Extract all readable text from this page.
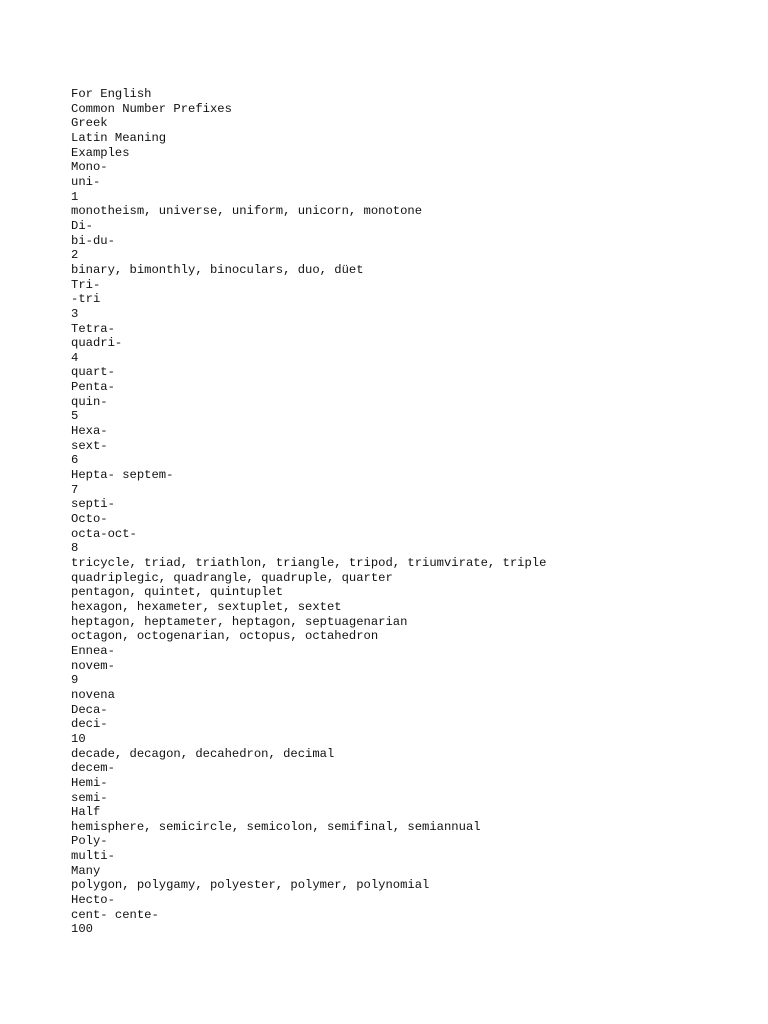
For English
Common Number Prefixes
Greek
Latin Meaning
Examples
Mono-
uni-
1
monotheism, universe, uniform, unicorn, monotone
Di-
bi-du-
2
binary, bimonthly, binoculars, duo, düet
Tri-
-tri
3
Tetra-
quadri-
4
quart-
Penta-
quin-
5
Hexa-
sext-
6
Hepta- septem-
7
septi-
Octo-
octa-oct-
8
tricycle, triad, triathlon, triangle, tripod, triumvirate, triple
quadriplegic, quadrangle, quadruple, quarter
pentagon, quintet, quintuplet
hexagon, hexameter, sextuplet, sextet
heptagon, heptameter, heptagon, septuagenarian
octagon, octogenarian, octopus, octahedron
Ennea-
novem-
9
novena
Deca-
deci-
10
decade, decagon, decahedron, decimal
decem-
Hemi-
semi-
Half
hemisphere, semicircle, semicolon, semifinal, semiannual
Poly-
multi-
Many
polygon, polygamy, polyester, polymer, polynomial
Hecto-
cent- cente-
100
